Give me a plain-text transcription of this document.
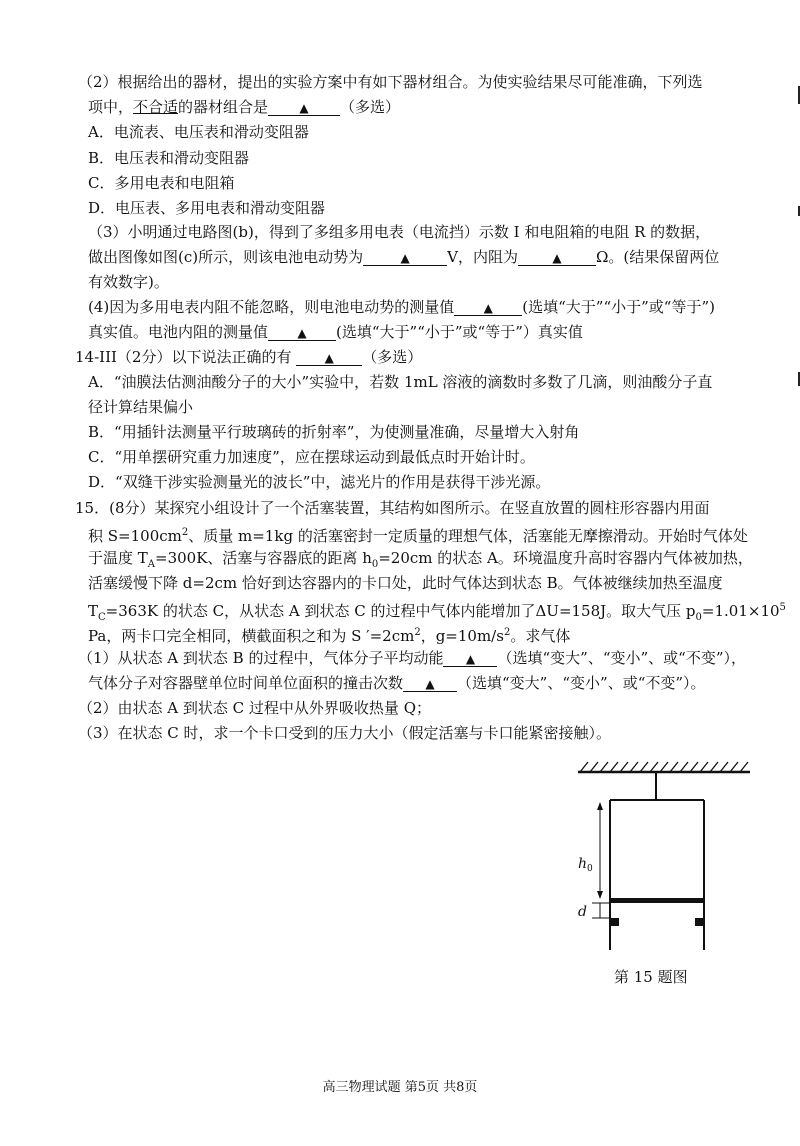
（2）根据给出的器材，提出的实验方案中有如下器材组合。为使实验结果尽可能准确，下列选
项中，不合适的器材组合是	▲ （多选）
A．电流表、电压表和滑动变阻器
B．电压表和滑动变阻器
C．多用电表和电阻箱
D．电压表、多用电表和滑动变阻器
（3）小明通过电路图(b)，得到了多组多用电表（电流挡）示数 I 和电阻箱的电阻 R 的数据，
做出图像如图(c)所示，则该电池电动势为	▲ V，内阻为	▲ Ω。(结果保留两位
有效数字)。
(4)因为多用电表内阻不能忽略，则电池电动势的测量值 ▲ (选填“大于”“小于”或“等于”)
真实值。电池内阻的测量值 ▲ (选填“大于”“小于”或“等于”）真实值
14-III（2分）以下说法正确的有	▲ （多选）
A．“油膜法估测油酸分子的大小”实验中，若数 1mL 溶液的滴数时多数了几滴，则油酸分子直
径计算结果偏小
B．“用插针法测量平行玻璃砖的折射率”，为使测量准确，尽量增大入射角
C．“用单摆研究重力加速度”，应在摆球运动到最低点时开始计时。
D．“双缝干涉实验测量光的波长”中，滤光片的作用是获得干涉光源。
15．(8分）某探究小组设计了一个活塞装置，其结构如图所示。在竖直放置的圆柱形容器内用面
积 $S=100cm^2$、质量 m=1kg 的活塞密封一定质量的理想气体，活塞能无摩擦滑动。开始时气体处
于温度 $T_A=300K$、活塞与容器底的距离 $h_0=20cm$ 的状态 A。环境温度升高时容器内气体被加热，
活塞缓慢下降 d=2cm 恰好到达容器内的卡口处，此时气体达到状态 B。气体被继续加热至温度
$T_C=363K$ 的状态 C，从状态 A 到状态 C 的过程中气体内能增加了ΔU=158J。取大气压 $p_0=1.01\times 10^5$
Pa，两卡口完全相同，横截面积之和为 S $'=2cm^2$，$g=10m/s^2$。求气体
（1）从状态 A 到状态 B 的过程中，气体分子平均动能 ▲ （选填“变大”、“变小”、或“不变”），
气体分子对容器壁单位时间单位面积的撞击次数 ▲ （选填“变大”、“变小”、或“不变”）。
（2）由状态 A 到状态 C 过程中从外界吸收热量 Q；
（3）在状态 C 时，求一个卡口受到的压力大小（假定活塞与卡口能紧密接触）。
$h_0$
d
第 15 题图
高三物理试题 第5页 共8页
